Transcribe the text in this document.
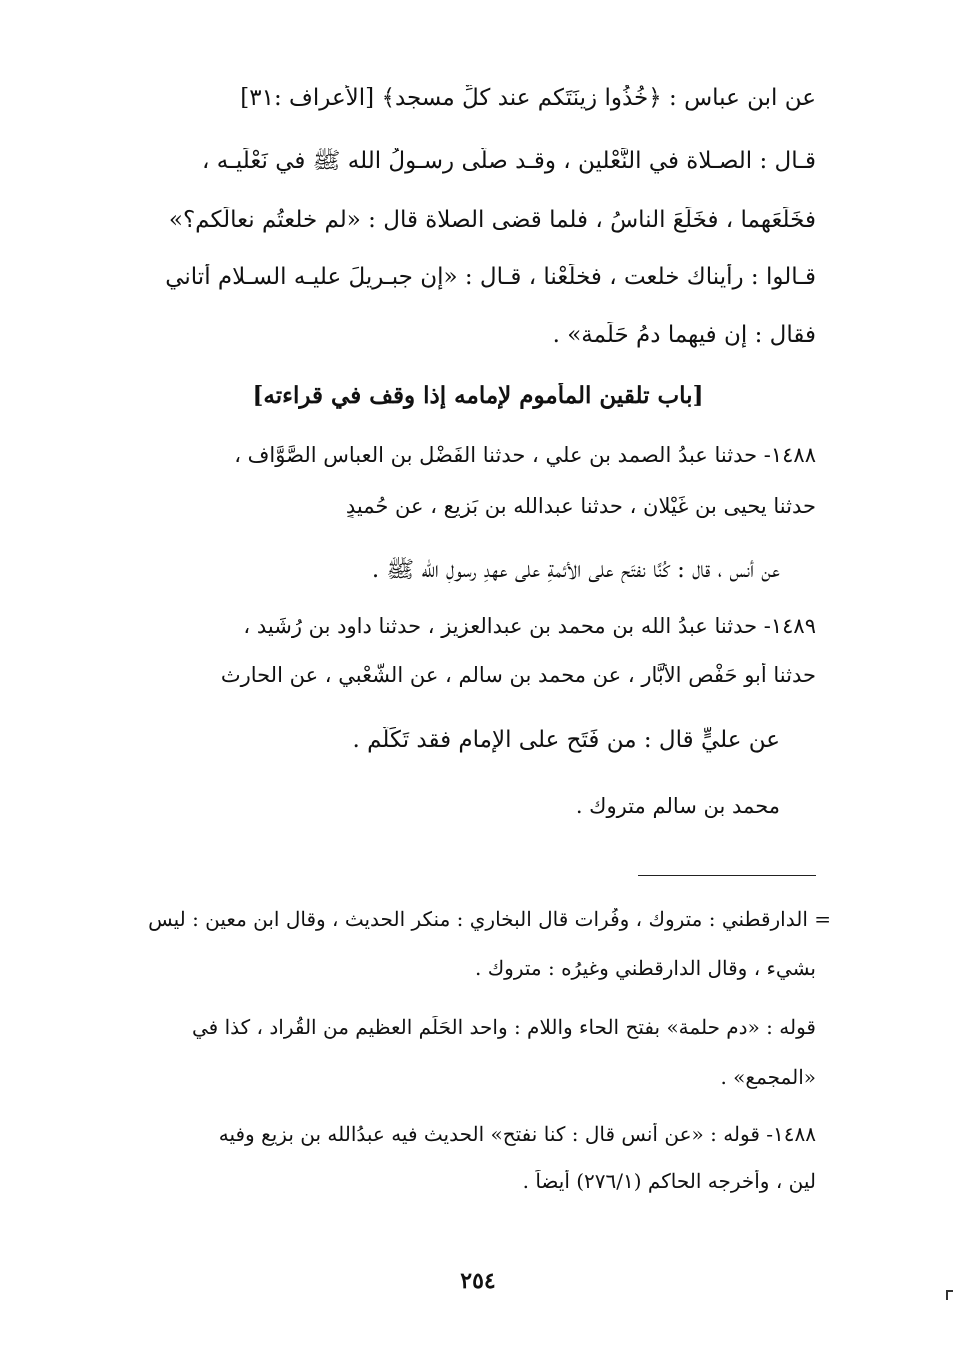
عن ابن عباس : ﴿خُذُوا زينَتَكم عند كلِّ مسجد﴾ [الأعراف :٣١]
قـال : الصـلاة في النَّعْلين ، وقـد صلَّى رسـولُ الله ﷺ في نَعْلَيـه ،
فخَلَعَهما ، فخَلَعَ الناسُ ، فلما قضى الصلاة قال : «لم خلعتُم نعالَكم؟»
قـالوا : رأيناك خلعت ، فخلَعْنا ، قـال : «إن جبـريلَ عليـه السـلام أتاني
فقال : إن فيهما دمُ حَلَمة» .
[باب تلقين المأموم لإمامه إذا وقف في قراءته]
١٤٨٨- حدثنا عبدُ الصمد بن علي ، حدثنا الفَضْل بن العباس الصَّوَّاف ،
حدثنا يحيى بن غَيْلان ، حدثنا عبدالله بن بَزيع ، عن حُميدٍ
عن أنس ، قال : كُنَّا نفتَح على الأئمةِ على عهدِ رسولِ الله ﷺ .
١٤٨٩- حدثنا عبدُ الله بن محمد بن عبدالعزيز ، حدثنا داود بن رُشَيد ،
حدثنا أبو حَفْص الأبَّار ، عن محمد بن سالم ، عن الشَّعْبي ، عن الحارث
عن عليٍّ قال : من فَتَح على الإمام فقد تَكَلَّم .
محمد بن سالم متروك .
= الدارقطني : متروك ، وفُرات قال البخاري : منكر الحديث ، وقال ابن معين : ليس
بشيء ، وقال الدارقطني وغيرُه : متروك .
قوله : «دم حلمة» بفتح الحاء واللام : واحد الحَلَم العظيم من القُراد ، كذا في
«المجمع» .
١٤٨٨- قوله : «عن أنس قال : كنا نفتح» الحديث فيه عبدُالله بن بزيع وفيه
لين ، وأخرجه الحاكم (٢٧٦/١) أيضاً .
٢٥٤
